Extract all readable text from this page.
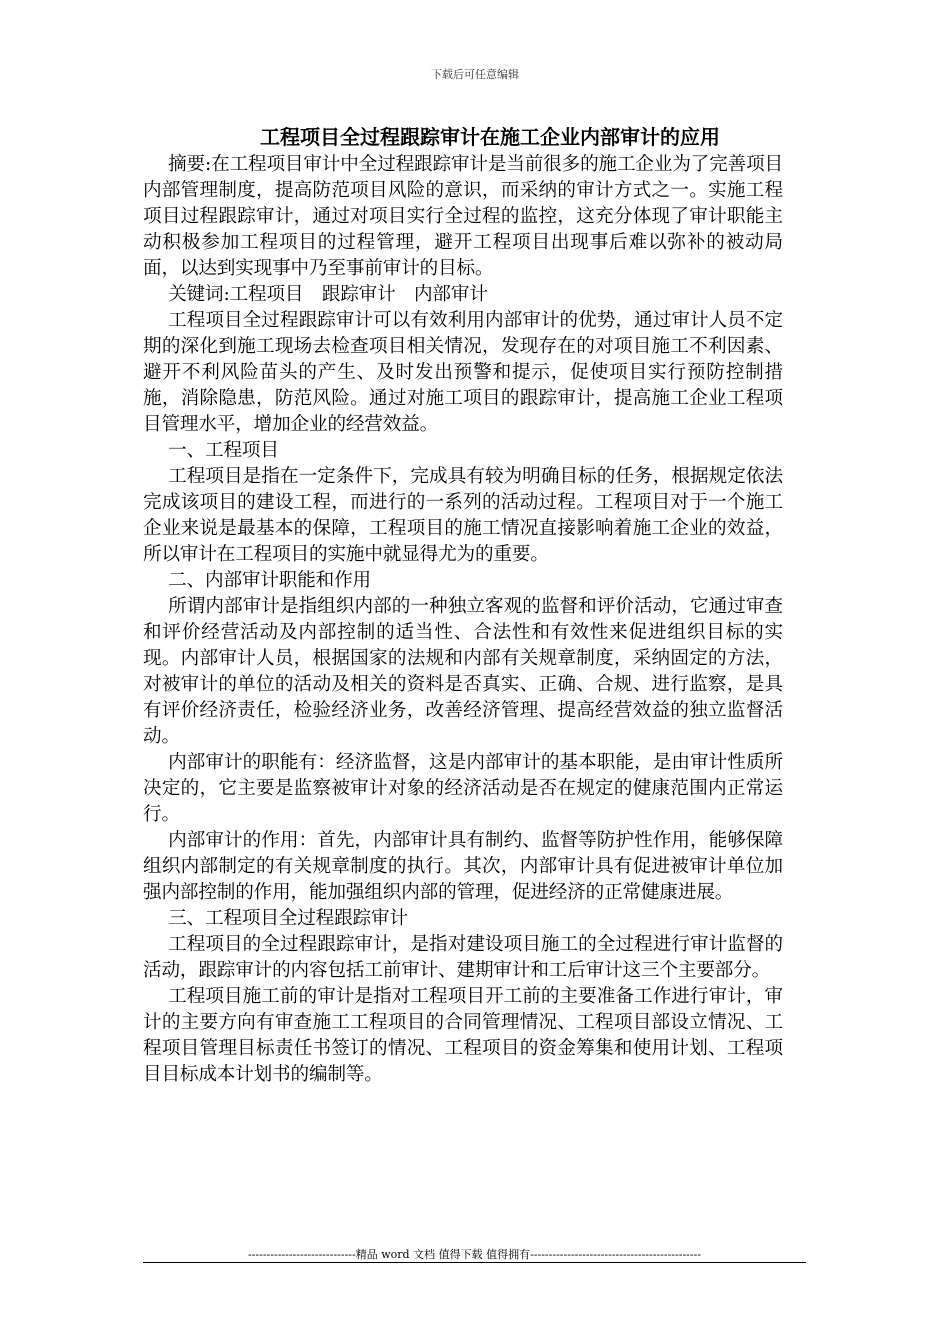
下载后可任意编辑
工程项目全过程跟踪审计在施工企业内部审计的应用

摘要:在工程项目审计中全过程跟踪审计是当前很多的施工企业为了完善项目内部管理制度，提高防范项目风险的意识，而采纳的审计方式之一。实施工程项目过程跟踪审计，通过对项目实行全过程的监控，这充分体现了审计职能主动积极参加工程项目的过程管理，避开工程项目出现事后难以弥补的被动局面，以达到实现事中乃至事前审计的目标。

关键词:工程项目　跟踪审计　内部审计

工程项目全过程跟踪审计可以有效利用内部审计的优势，通过审计人员不定期的深化到施工现场去检查项目相关情况，发现存在的对项目施工不利因素、避开不利风险苗头的产生、及时发出预警和提示，促使项目实行预防控制措施，消除隐患，防范风险。通过对施工项目的跟踪审计，提高施工企业工程项目管理水平，增加企业的经营效益。

一、工程项目

工程项目是指在一定条件下，完成具有较为明确目标的任务，根据规定依法完成该项目的建设工程，而进行的一系列的活动过程。工程项目对于一个施工企业来说是最基本的保障，工程项目的施工情况直接影响着施工企业的效益，所以审计在工程项目的实施中就显得尤为的重要。

二、内部审计职能和作用

所谓内部审计是指组织内部的一种独立客观的监督和评价活动，它通过审查和评价经营活动及内部控制的适当性、合法性和有效性来促进组织目标的实现。内部审计人员，根据国家的法规和内部有关规章制度，采纳固定的方法，对被审计的单位的活动及相关的资料是否真实、正确、合规、进行监察，是具有评价经济责任，检验经济业务，改善经济管理、提高经营效益的独立监督活动。

内部审计的职能有：经济监督，这是内部审计的基本职能，是由审计性质所决定的，它主要是监察被审计对象的经济活动是否在规定的健康范围内正常运行。

内部审计的作用：首先，内部审计具有制约、监督等防护性作用，能够保障组织内部制定的有关规章制度的执行。其次，内部审计具有促进被审计单位加强内部控制的作用，能加强组织内部的管理，促进经济的正常健康进展。

三、工程项目全过程跟踪审计

工程项目的全过程跟踪审计，是指对建设项目施工的全过程进行审计监督的活动，跟踪审计的内容包括工前审计、建期审计和工后审计这三个主要部分。

工程项目施工前的审计是指对工程项目开工前的主要准备工作进行审计，审计的主要方向有审查施工工程项目的合同管理情况、工程项目部设立情况、工程项目管理目标责任书签订的情况、工程项目的资金筹集和使用计划、工程项目目标成本计划书的编制等。

-----------------------------精品 word 文档 值得下载 值得拥有----------------------------------------------
